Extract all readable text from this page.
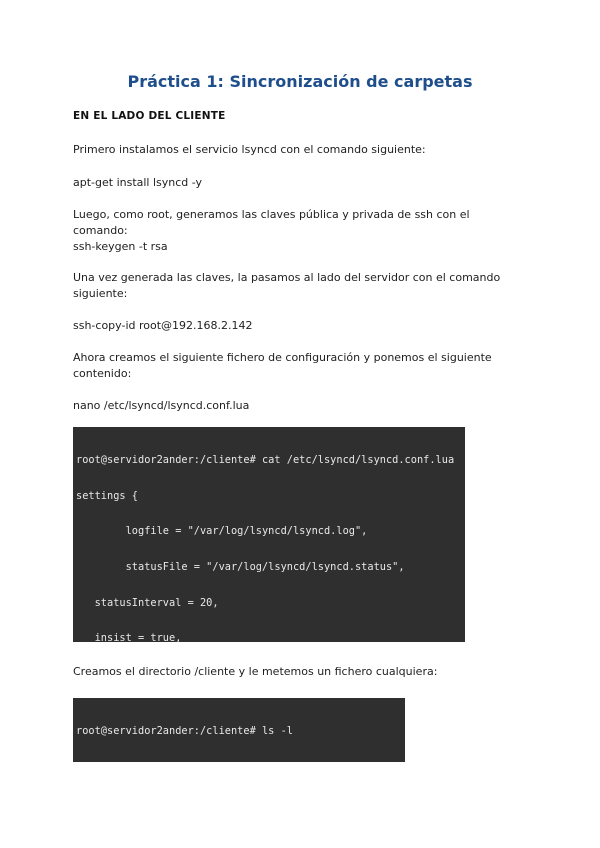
Práctica 1: Sincronización de carpetas
EN EL LADO DEL CLIENTE

Primero instalamos el servicio lsyncd con el comando siguiente:

apt-get install lsyncd -y

Luego, como root, generamos las claves pública y privada de ssh con el comando:

ssh-keygen -t rsa

Una vez generada las claves, la pasamos al lado del servidor con el comando siguiente:

ssh-copy-id root@192.168.2.142

Ahora creamos el siguiente fichero de configuración y ponemos el siguiente contenido:

nano /etc/lsyncd/lsyncd.conf.lua

root@servidor2ander:/cliente# cat /etc/lsyncd/lsyncd.conf.lua

settings {

logfile = "/var/log/lsyncd/lsyncd.log",

statusFile = "/var/log/lsyncd/lsyncd.status",

statusInterval = 20,

insist = true,

Creamos el directorio /cliente y le metemos un fichero cualquiera:

root@servidor2ander:/cliente# ls -l
